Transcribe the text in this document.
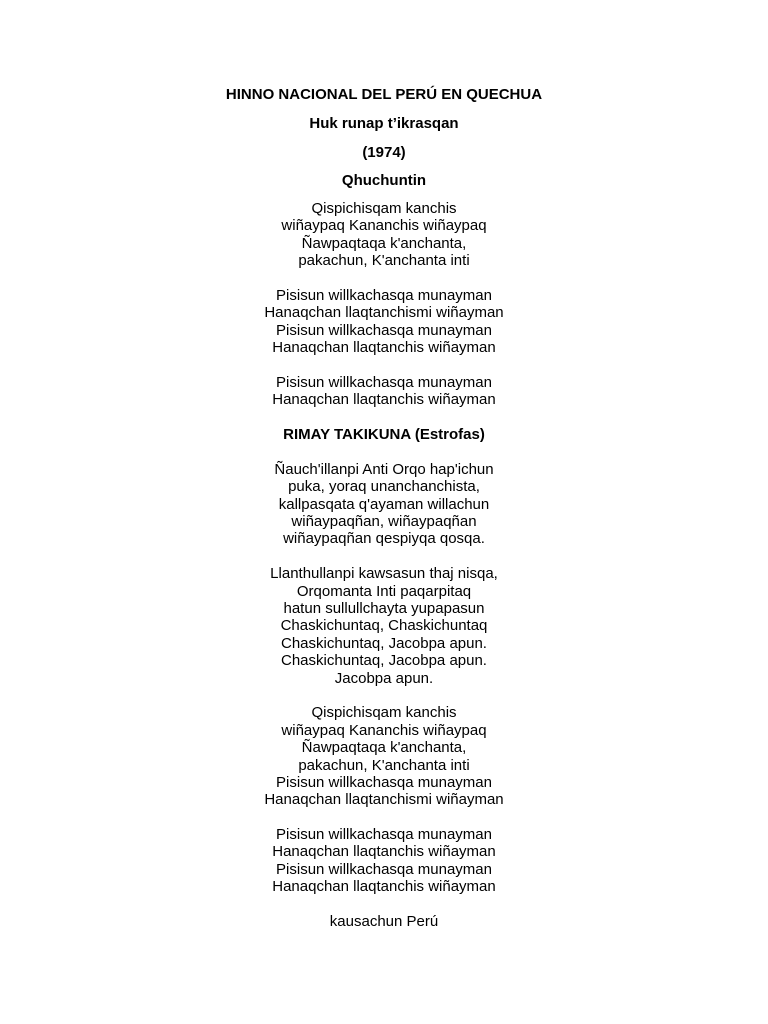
HINNO NACIONAL DEL PERÚ EN QUECHUA

Huk runap t’ikrasqan

(1974)

Qhuchuntin

Qispichisqam kanchis
wiñaypaq Kananchis wiñaypaq
Ñawpaqtaqa k'anchanta,
pakachun, K'anchanta inti
Pisisun willkachasqa munayman
Hanaqchan llaqtanchismi wiñayman
Pisisun willkachasqa munayman
Hanaqchan llaqtanchis wiñayman
Pisisun willkachasqa munayman
Hanaqchan llaqtanchis wiñayman
RIMAY TAKIKUNA (Estrofas)
Ñauch'illanpi Anti Orqo hap'ichun
puka, yoraq unanchanchista,
kallpasqata q'ayaman willachun
wiñaypaqñan, wiñaypaqñan
wiñaypaqñan qespiyqa qosqa.
Llanthullanpi kawsasun thaj nisqa,
Orqomanta Inti paqarpitaq
hatun sullullchayta yupapasun
Chaskichuntaq, Chaskichuntaq
Chaskichuntaq, Jacobpa apun.
Chaskichuntaq, Jacobpa apun.
Jacobpa apun.
Qispichisqam kanchis
wiñaypaq Kananchis wiñaypaq
Ñawpaqtaqa k'anchanta,
pakachun, K'anchanta inti
Pisisun willkachasqa munayman
Hanaqchan llaqtanchismi wiñayman
Pisisun willkachasqa munayman
Hanaqchan llaqtanchis wiñayman
Pisisun willkachasqa munayman
Hanaqchan llaqtanchis wiñayman
kausachun Perú
